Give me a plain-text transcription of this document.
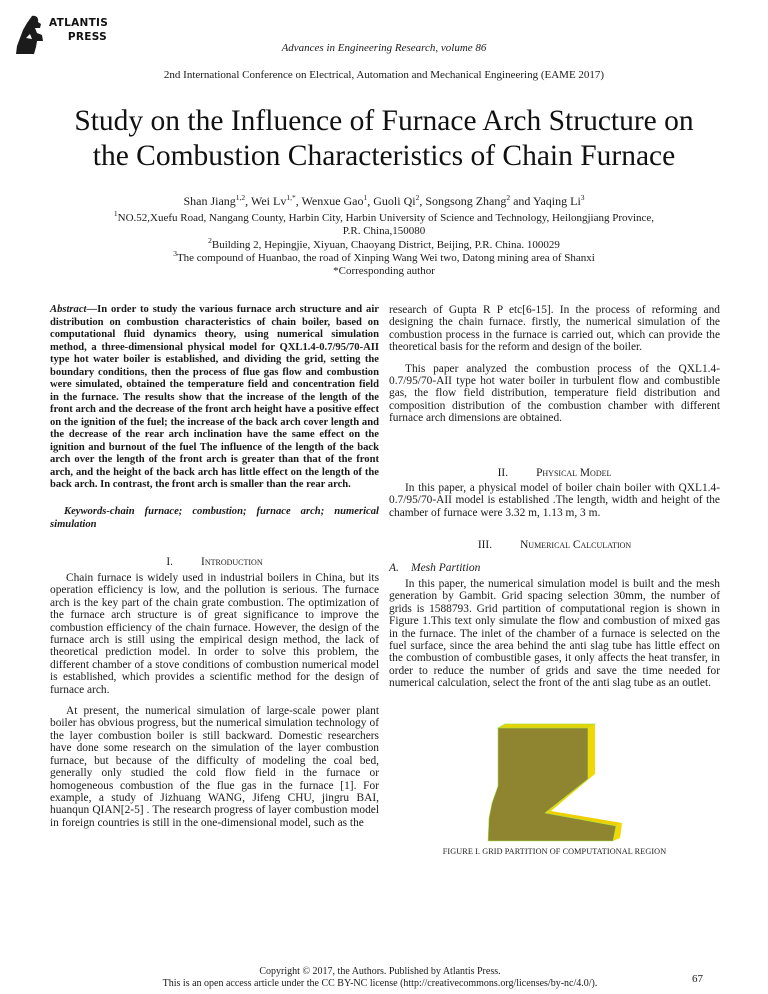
ATLANTIS
PRESS
Advances in Engineering Research, volume 86
2nd International Conference on Electrical, Automation and Mechanical Engineering (EAME 2017)
Study on the Influence of Furnace Arch Structure on
the Combustion Characteristics of Chain Furnace
Shan Jiang$^{1,2}$, Wei $Lv^{1,*}$, Wenxue Gao$^1$, Guoli Qi$^2$, Songsong Zhang$^2$ and Yaqing Li$^3$
$^1$NO.52,Xuefu Road, Nangang County, Harbin City, Harbin University of Science and Technology, Heilongjiang Province,
P.R. China,150080
$^2$Building 2, Hepingjie, Xiyuan, Chaoyang District, Beijing, P.R. China. 100029
$^3$The compound of Huanbao, the road of Xinping Wang Wei two, Datong mining area of Shanxi
*Corresponding author
Abstract—In order to study the various furnace arch structure and air distribution on combustion characteristics of chain boiler, based on computational fluid dynamics theory, using numerical simulation method, a three-dimensional physical model for QXL1.4-0.7/95/70-AII type hot water boiler is established, and dividing the grid, setting the boundary conditions, then the process of flue gas flow and combustion were simulated, obtained the temperature field and concentration field in the furnace. The results show that the increase of the length of the front arch and the decrease of the front arch height have a positive effect on the ignition of the fuel; the increase of the back arch cover length and the decrease of the rear arch inclination have the same effect on the ignition and burnout of the fuel The influence of the length of the back arch over the length of the front arch is greater than that of the front arch, and the height of the back arch has little effect on the length of the back arch. In contrast, the front arch is smaller than the rear arch.
Keywords-chain furnace; combustion; furnace arch; numerical simulation
I. Introduction

Chain furnace is widely used in industrial boilers in China, but its operation efficiency is low, and the pollution is serious. The furnace arch is the key part of the chain grate combustion. The optimization of the furnace arch structure is of great significance to improve the combustion efficiency of the chain furnace. However, the design of the furnace arch is still using the empirical design method, the lack of theoretical prediction model. In order to solve this problem, the different chamber of a stove conditions of combustion numerical model is established, which provides a scientific method for the design of furnace arch.

At present, the numerical simulation of large-scale power plant boiler has obvious progress, but the numerical simulation technology of the layer combustion boiler is still backward. Domestic researchers have done some research on the simulation of the layer combustion furnace, but because of the difficulty of modeling the coal bed, generally only studied the cold flow field in the furnace or homogeneous combustion of the flue gas in the furnace [1]. For example, a study of Jizhuang WANG, Jifeng CHU, jingru BAI, huanqun QIAN[2-5] . The research progress of layer combustion model in foreign countries is still in the one-dimensional model, such as the

research of Gupta R P etc[6-15]. In the process of reforming and designing the chain furnace. firstly, the numerical simulation of the combustion process in the furnace is carried out, which can provide the theoretical basis for the reform and design of the boiler.

This paper analyzed the combustion process of the QXL1.4-0.7/95/70-AII type hot water boiler in turbulent flow and combustible gas, the flow field distribution, temperature field distribution and composition distribution of the combustion chamber with different furnace arch dimensions are obtained.

II. Physical Model

In this paper, a physical model of boiler chain boiler with QXL1.4-0.7/95/70-AII model is established .The length, width and height of the chamber of furnace were 3.32 m, 1.13 m, 3 m.

III. Numerical Calculation
A. Mesh Partition

In this paper, the numerical simulation model is built and the mesh generation by Gambit. Grid spacing selection 30mm, the number of grids is 1588793. Grid partition of computational region is shown in Figure 1.This text only simulate the flow and combustion of mixed gas in the furnace. The inlet of the chamber of a furnace is selected on the fuel surface, since the area behind the anti slag tube has little effect on the combustion of combustible gases, it only affects the heat transfer, in order to reduce the number of grids and save the time needed for numerical calculation, select the front of the anti slag tube as an outlet.

FIGURE I. GRID PARTITION OF COMPUTATIONAL REGION
Copyright © 2017, the Authors. Published by Atlantis Press.
This is an open access article under the CC BY-NC license (http://creativecommons.org/licenses/by-nc/4.0/).	67
